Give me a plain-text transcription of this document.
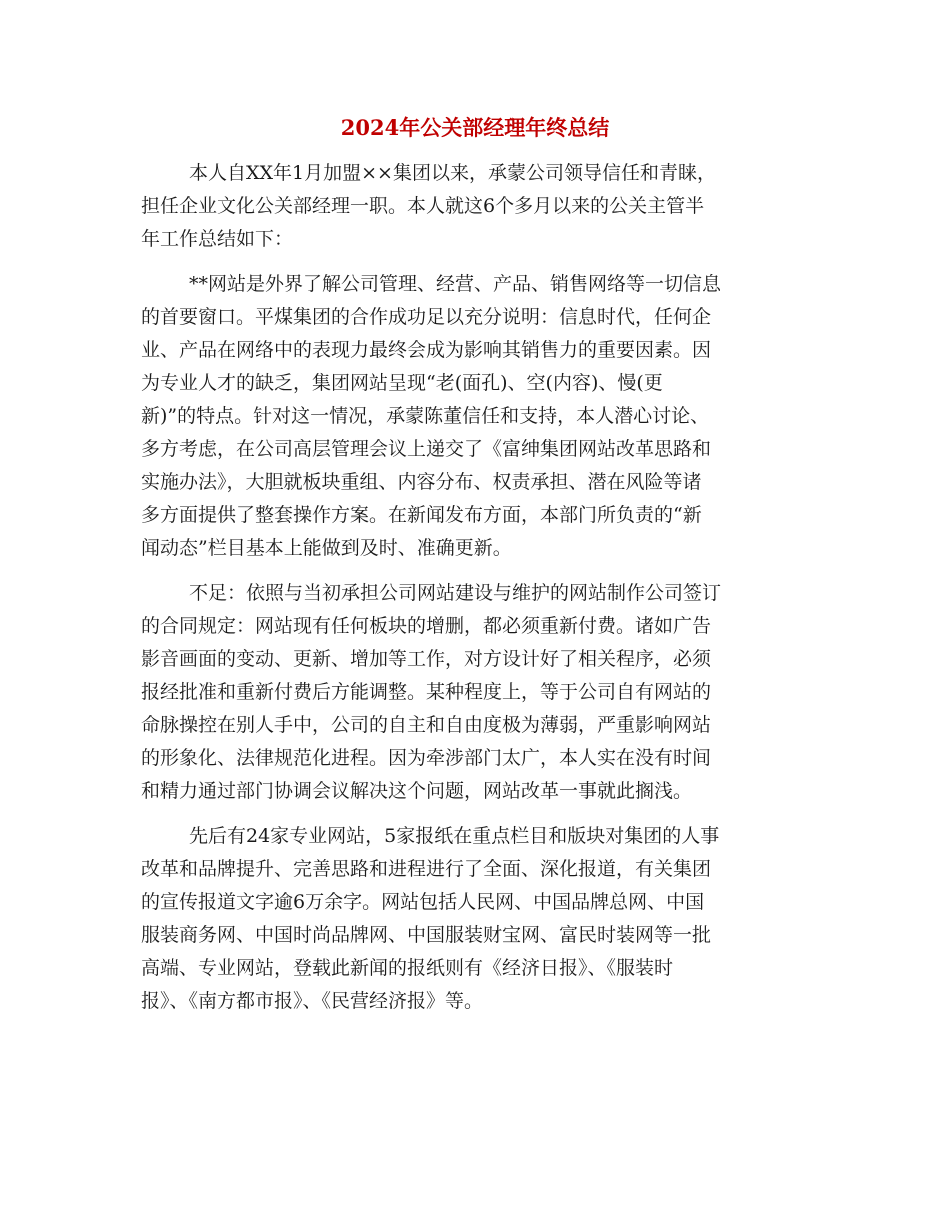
2024年公关部经理年终总结

本人自XX年1月加盟××集团以来，承蒙公司领导信任和青睐，

担任企业文化公关部经理一职。本人就这6个多月以来的公关主管半

年工作总结如下：

**网站是外界了解公司管理、经营、产品、销售网络等一切信息

的首要窗口。平煤集团的合作成功足以充分说明：信息时代，任何企

业、产品在网络中的表现力最终会成为影响其销售力的重要因素。因

为专业人才的缺乏，集团网站呈现“老(面孔)、空(内容)、慢(更

新)”的特点。针对这一情况，承蒙陈董信任和支持，本人潜心讨论、

多方考虑，在公司高层管理会议上递交了《富绅集团网站改革思路和

实施办法》，大胆就板块重组、内容分布、权责承担、潜在风险等诸

多方面提供了整套操作方案。在新闻发布方面，本部门所负责的“新

闻动态”栏目基本上能做到及时、准确更新。

不足：依照与当初承担公司网站建设与维护的网站制作公司签订

的合同规定：网站现有任何板块的增删，都必须重新付费。诸如广告

影音画面的变动、更新、增加等工作，对方设计好了相关程序，必须

报经批准和重新付费后方能调整。某种程度上，等于公司自有网站的

命脉操控在别人手中，公司的自主和自由度极为薄弱，严重影响网站

的形象化、法律规范化进程。因为牵涉部门太广，本人实在没有时间

和精力通过部门协调会议解决这个问题，网站改革一事就此搁浅。

先后有24家专业网站，5家报纸在重点栏目和版块对集团的人事

改革和品牌提升、完善思路和进程进行了全面、深化报道，有关集团

的宣传报道文字逾6万余字。网站包括人民网、中国品牌总网、中国

服装商务网、中国时尚品牌网、中国服装财宝网、富民时装网等一批

高端、专业网站，登载此新闻的报纸则有《经济日报》、《服装时

报》、《南方都市报》、《民营经济报》等。
